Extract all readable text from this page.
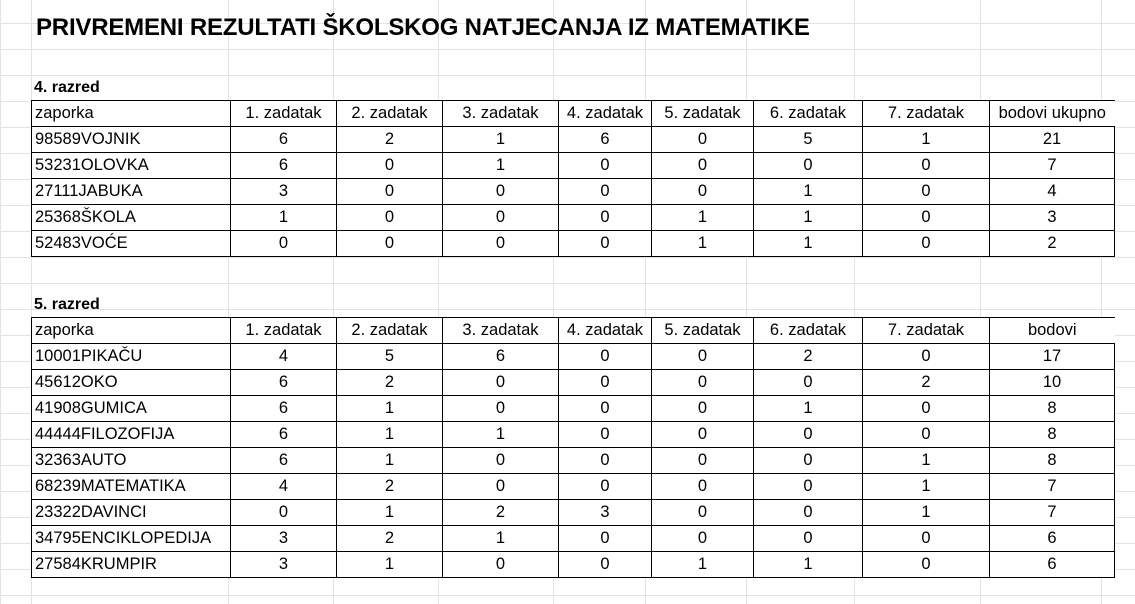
PRIVREMENI REZULTATI ŠKOLSKOG NATJECANJA IZ MATEMATIKE
4. razred
zaporka	1. zadatak	2. zadatak	3. zadatak	4. zadatak	5. zadatak	6. zadatak	7. zadatak	bodovi ukupno
98589VOJNIK	6	2	1	6	0	5	1	21
53231OLOVKA	6	0	1	0	0	0	0	7
27111JABUKA	3	0	0	0	0	1	0	4
25368ŠKOLA	1	0	0	0	1	1	0	3
52483VOĆE	0	0	0	0	1	1	0	2
5. razred
zaporka	1. zadatak	2. zadatak	3. zadatak	4. zadatak	5. zadatak	6. zadatak	7. zadatak	bodovi
10001PIKAČU	4	5	6	0	0	2	0	17
45612OKO	6	2	0	0	0	0	2	10
41908GUMICA	6	1	0	0	0	1	0	8
44444FILOZOFIJA	6	1	1	0	0	0	0	8
32363AUTO	6	1	0	0	0	0	1	8
68239MATEMATIKA	4	2	0	0	0	0	1	7
23322DAVINCI	0	1	2	3	0	0	1	7
34795ENCIKLOPEDIJA	3	2	1	0	0	0	0	6
27584KRUMPIR	3	1	0	0	1	1	0	6
